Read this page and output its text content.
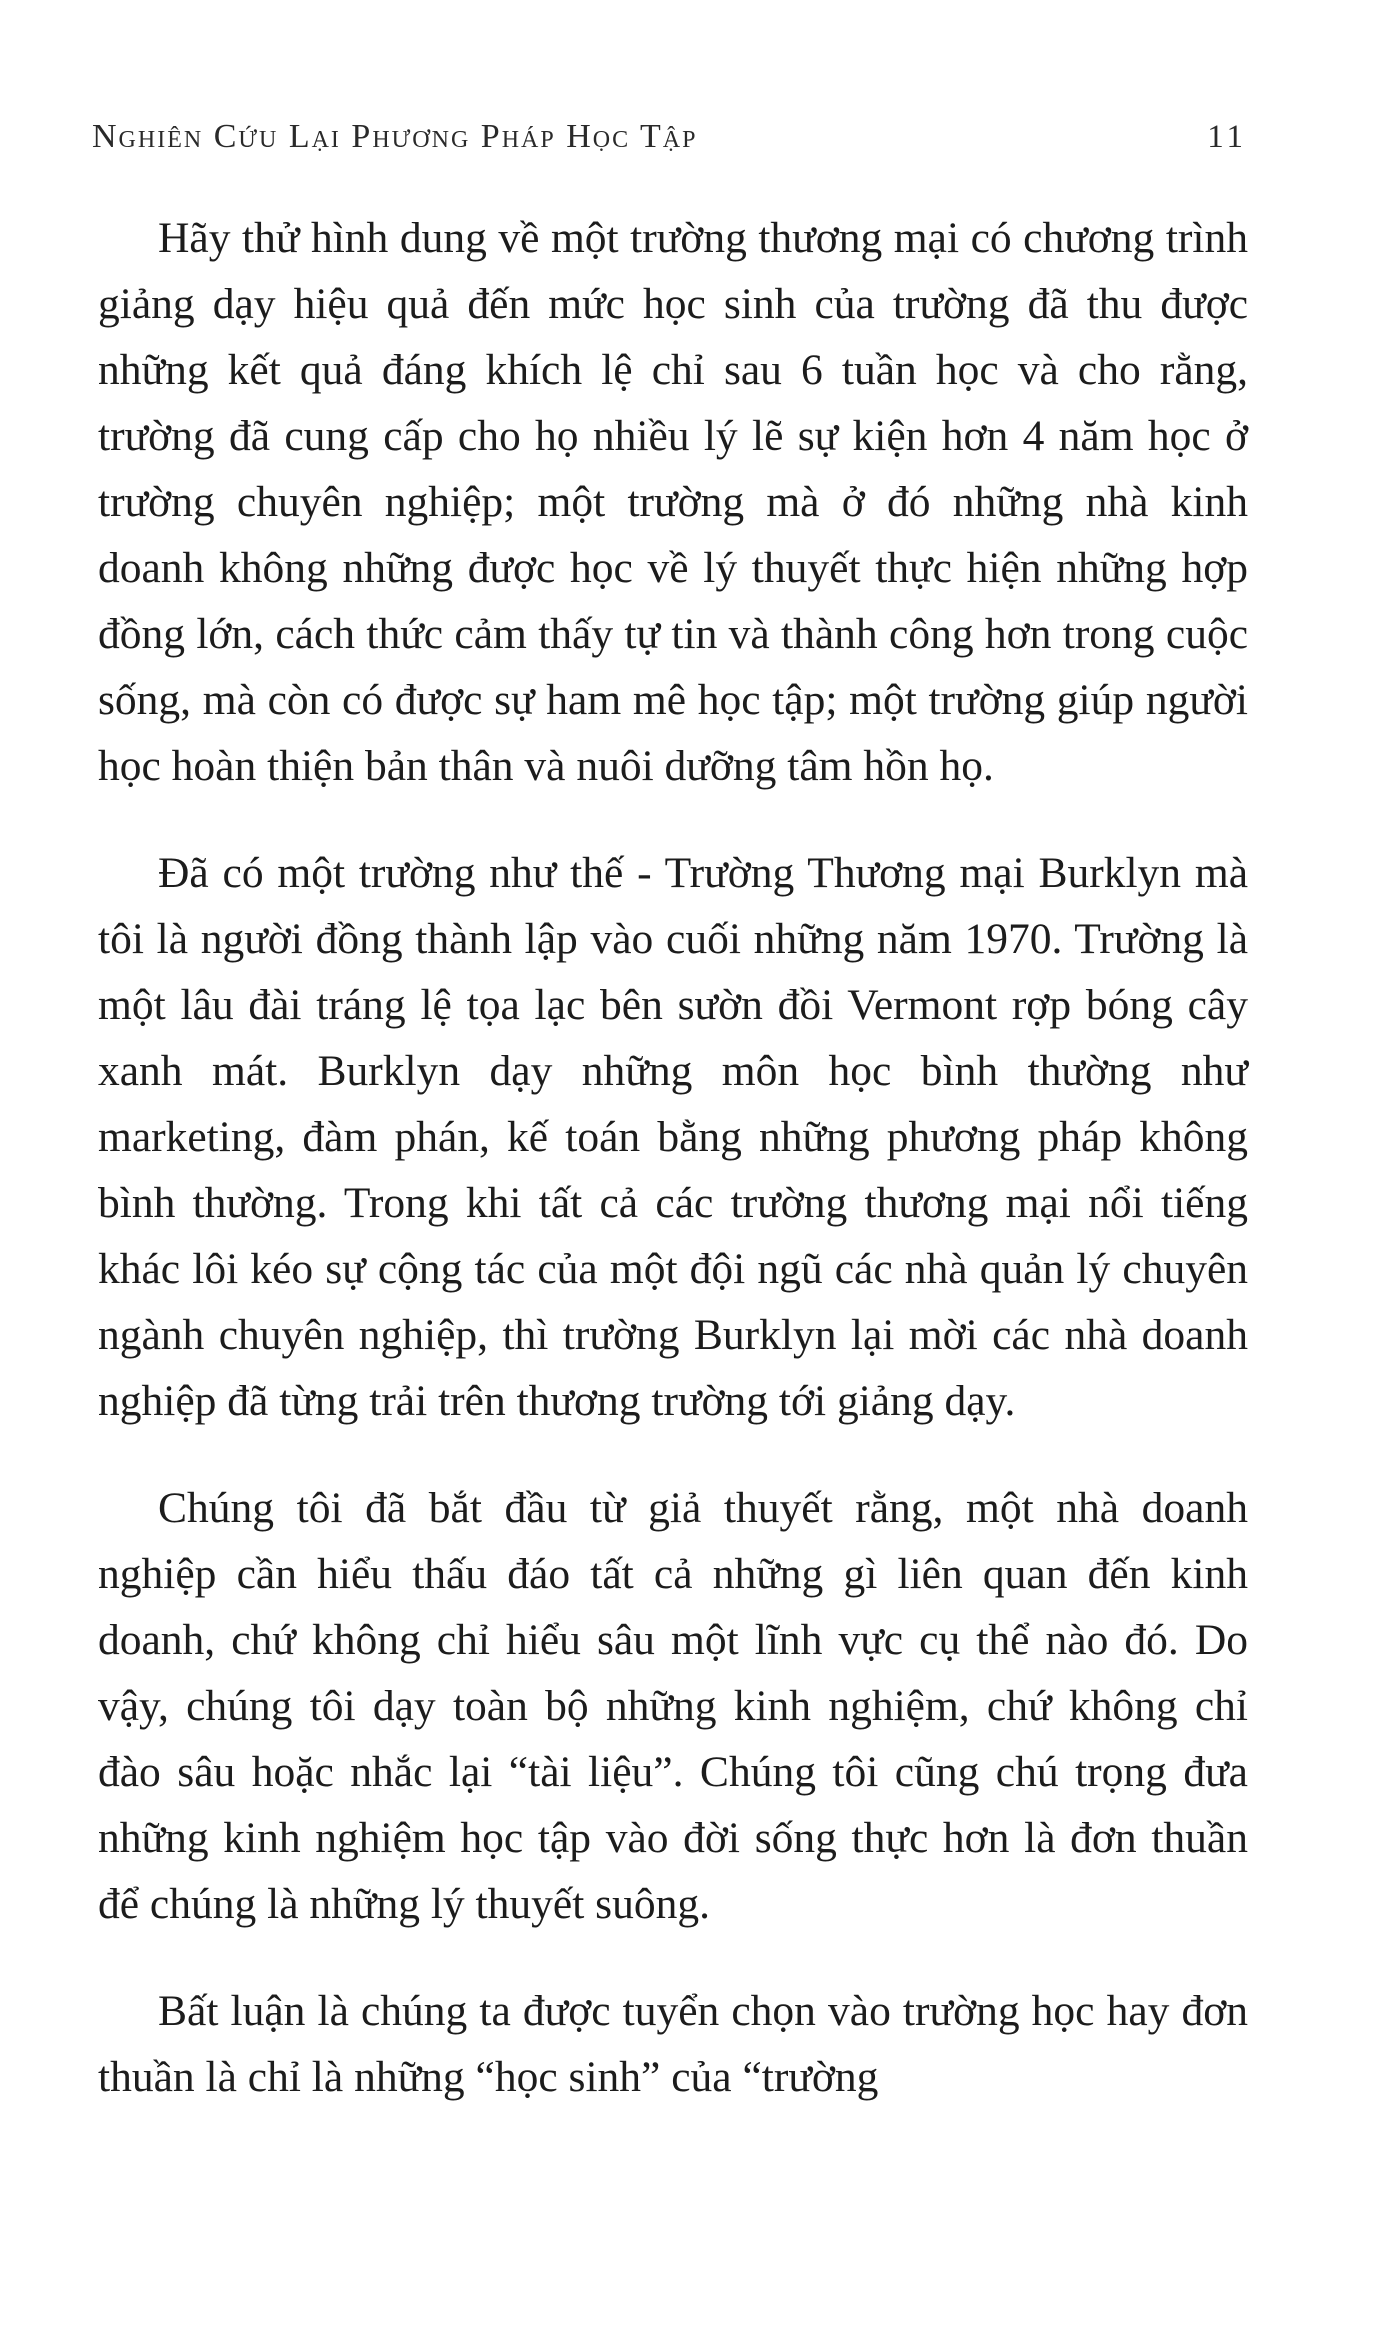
Nghiên Cứu Lại Phương Pháp Học Tập	11

Hãy thử hình dung về một trường thương mại có chương trình giảng dạy hiệu quả đến mức học sinh của trường đã thu được những kết quả đáng khích lệ chỉ sau 6 tuần học và cho rằng, trường đã cung cấp cho họ nhiều lý lẽ sự kiện hơn 4 năm học ở trường chuyên nghiệp; một trường mà ở đó những nhà kinh doanh không những được học về lý thuyết thực hiện những hợp đồng lớn, cách thức cảm thấy tự tin và thành công hơn trong cuộc sống, mà còn có được sự ham mê học tập; một trường giúp người học hoàn thiện bản thân và nuôi dưỡng tâm hồn họ.

Đã có một trường như thế - Trường Thương mại Burklyn mà tôi là người đồng thành lập vào cuối những năm 1970. Trường là một lâu đài tráng lệ tọa lạc bên sườn đồi Vermont rợp bóng cây xanh mát. Burklyn dạy những môn học bình thường như marketing, đàm phán, kế toán bằng những phương pháp không bình thường. Trong khi tất cả các trường thương mại nổi tiếng khác lôi kéo sự cộng tác của một đội ngũ các nhà quản lý chuyên ngành chuyên nghiệp, thì trường Burklyn lại mời các nhà doanh nghiệp đã từng trải trên thương trường tới giảng dạy.

Chúng tôi đã bắt đầu từ giả thuyết rằng, một nhà doanh nghiệp cần hiểu thấu đáo tất cả những gì liên quan đến kinh doanh, chứ không chỉ hiểu sâu một lĩnh vực cụ thể nào đó. Do vậy, chúng tôi dạy toàn bộ những kinh nghiệm, chứ không chỉ đào sâu hoặc nhắc lại “tài liệu”. Chúng tôi cũng chú trọng đưa những kinh nghiệm học tập vào đời sống thực hơn là đơn thuần để chúng là những lý thuyết suông.

Bất luận là chúng ta được tuyển chọn vào trường học hay đơn thuần là chỉ là những “học sinh” của “trường
